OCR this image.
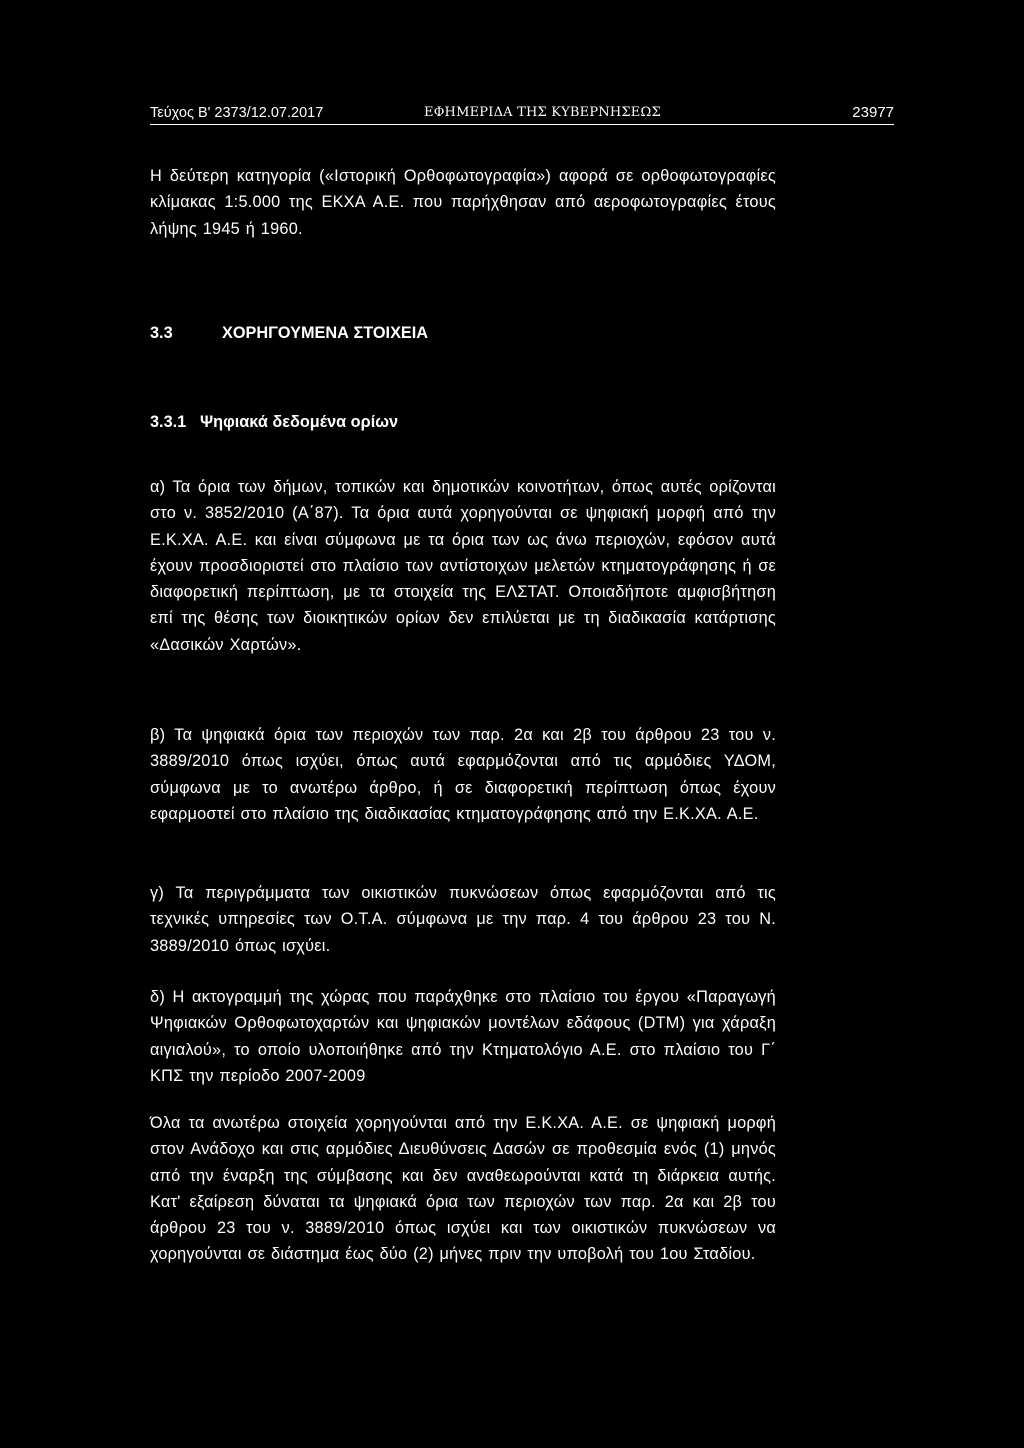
Τεύχος Β' 2373/12.07.2017	ΕΦΗΜΕΡΙΔΑ ΤΗΣ ΚΥΒΕΡΝΗΣΕΩΣ	23977

Η δεύτερη κατηγορία («Ιστορική Ορθοφωτογραφία») αφορά σε ορθοφωτογραφίες κλίμακας 1:5.000 της ΕΚΧΑ Α.Ε. που παρήχθησαν από αεροφωτογραφίες έτους λήψης 1945 ή 1960.

3.3	ΧΟΡΗΓΟΥΜΕΝΑ ΣΤΟΙΧΕΙΑ
3.3.1 Ψηφιακά δεδομένα ορίων

α) Τα όρια των δήμων, τοπικών και δημοτικών κοινοτήτων, όπως αυτές ορίζονται στο ν. 3852/2010 (Α΄87). Τα όρια αυτά χορηγούνται σε ψηφιακή μορφή από την Ε.Κ.ΧΑ. Α.Ε. και είναι σύμφωνα με τα όρια των ως άνω περιοχών, εφόσον αυτά έχουν προσδιοριστεί στο πλαίσιο των αντίστοιχων μελετών κτηματογράφησης ή σε διαφορετική περίπτωση, με τα στοιχεία της ΕΛΣΤΑΤ. Οποιαδήποτε αμφισβήτηση επί της θέσης των διοικητικών ορίων δεν επιλύεται με τη διαδικασία κατάρτισης «Δασικών Χαρτών».

β) Τα ψηφιακά όρια των περιοχών των παρ. 2α και 2β του άρθρου 23 του ν. 3889/2010 όπως ισχύει, όπως αυτά εφαρμόζονται από τις αρμόδιες ΥΔΟΜ, σύμφωνα με το ανωτέρω άρθρο, ή σε διαφορετική περίπτωση όπως έχουν εφαρμοστεί στο πλαίσιο της διαδικασίας κτηματογράφησης από την Ε.Κ.ΧΑ. Α.Ε.

γ) Τα περιγράμματα των οικιστικών πυκνώσεων όπως εφαρμόζονται από τις τεχνικές υπηρεσίες των Ο.Τ.Α. σύμφωνα με την παρ. 4 του άρθρου 23 του Ν. 3889/2010 όπως ισχύει.

δ) Η ακτογραμμή της χώρας που παράχθηκε στο πλαίσιο του έργου «Παραγωγή Ψηφιακών Ορθοφωτοχαρτών και ψηφιακών μοντέλων εδάφους (DTM) για χάραξη αιγιαλού», το οποίο υλοποιήθηκε από την Κτηματολόγιο Α.Ε. στο πλαίσιο του Γ΄ ΚΠΣ την περίοδο 2007-2009

Όλα τα ανωτέρω στοιχεία χορηγούνται από την Ε.Κ.ΧΑ. Α.Ε. σε ψηφιακή μορφή στον Ανάδοχο και στις αρμόδιες Διευθύνσεις Δασών σε προθεσμία ενός (1) μηνός από την έναρξη της σύμβασης και δεν αναθεωρούνται κατά τη διάρκεια αυτής. Κατ' εξαίρεση δύναται τα ψηφιακά όρια των περιοχών των παρ. 2α και 2β του άρθρου 23 του ν. 3889/2010 όπως ισχύει και των οικιστικών πυκνώσεων να χορηγούνται σε διάστημα έως δύο (2) μήνες πριν την υποβολή του 1ου Σταδίου.
